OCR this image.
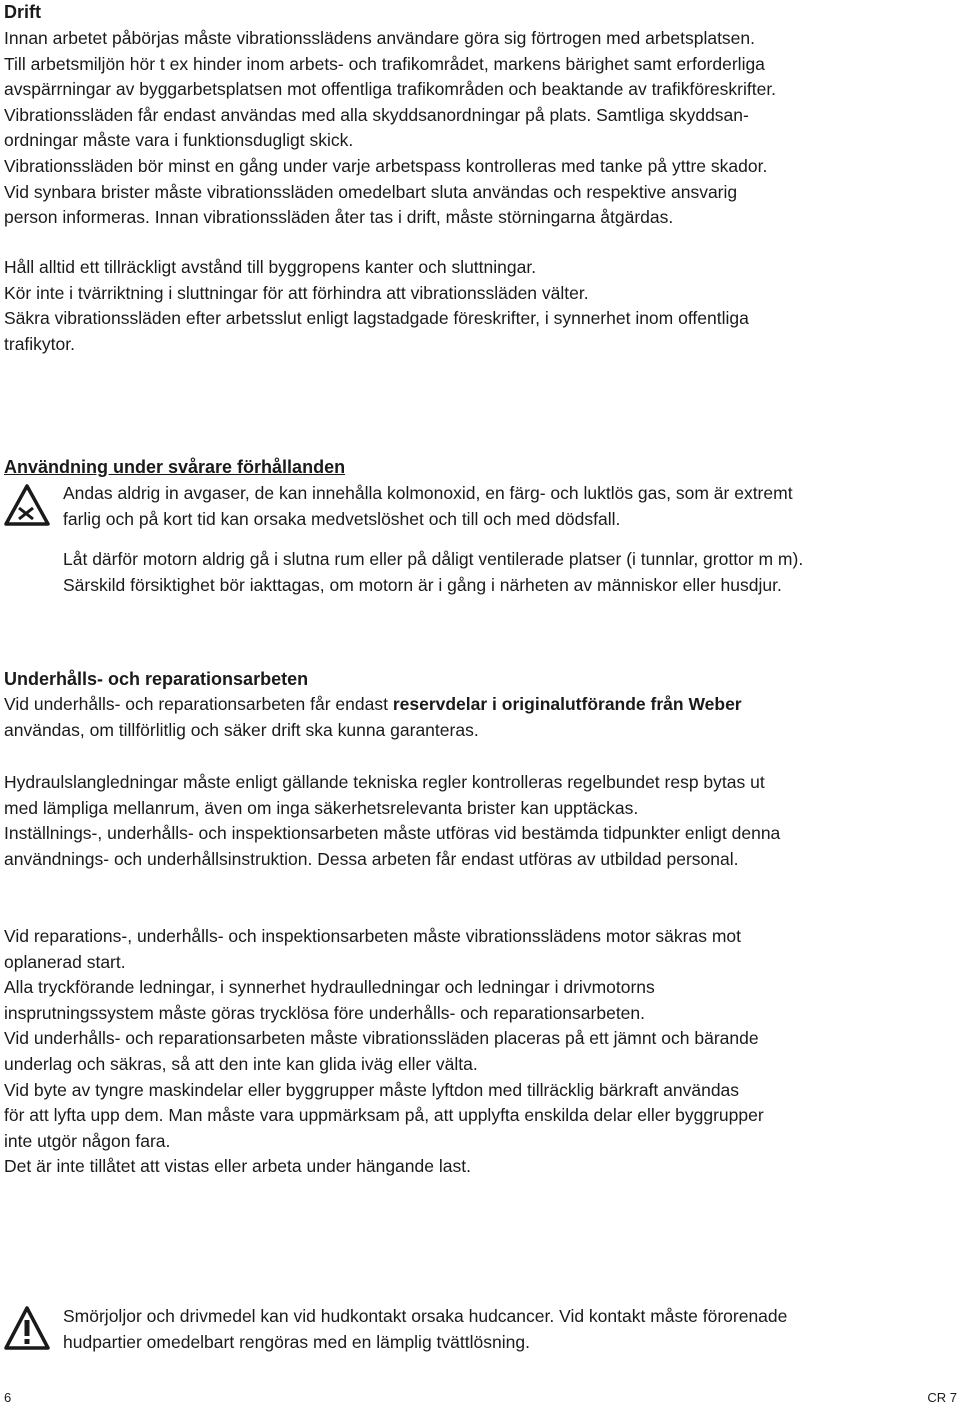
Drift

Innan arbetet påbörjas måste vibrationsslädens användare göra sig förtrogen med arbetsplatsen.
Till arbetsmiljön hör t ex hinder inom arbets- och trafikområdet, markens bärighet samt erforderliga
avspärrningar av byggarbetsplatsen mot offentliga trafikområden och beaktande av trafikföreskrifter.
Vibrationssläden får endast användas med alla skyddsanordningar på plats. Samtliga skyddsan-
ordningar måste vara i funktionsdugligt skick.
Vibrationssläden bör minst en gång under varje arbetspass kontrolleras med tanke på yttre skador.
Vid synbara brister måste vibrationssläden omedelbart sluta användas och respektive ansvarig
person informeras. Innan vibrationssläden åter tas i drift, måste störningarna åtgärdas.

Håll alltid ett tillräckligt avstånd till byggropens kanter och sluttningar.
Kör inte i tvärriktning i sluttningar för att förhindra att vibrationssläden välter.
Säkra vibrationssläden efter arbetsslut enligt lagstadgade föreskrifter, i synnerhet inom offentliga
trafikytor.

Användning under svårare förhållanden

Andas aldrig in avgaser, de kan innehålla kolmonoxid, en färg- och luktlös gas, som är extremt
farlig och på kort tid kan orsaka medvetslöshet och till och med dödsfall.

Låt därför motorn aldrig gå i slutna rum eller på dåligt ventilerade platser (i tunnlar, grottor m m).
Särskild försiktighet bör iakttagas, om motorn är i gång i närheten av människor eller husdjur.

Underhålls- och reparationsarbeten

Vid underhålls- och reparationsarbeten får endast reservdelar i originalutförande från Weber
användas, om tillförlitlig och säker drift ska kunna garanteras.

Hydraulslangledningar måste enligt gällande tekniska regler kontrolleras regelbundet resp bytas ut
med lämpliga mellanrum, även om inga säkerhetsrelevanta brister kan upptäckas.
Inställnings-, underhålls- och inspektionsarbeten måste utföras vid bestämda tidpunkter enligt denna
användnings- och underhållsinstruktion. Dessa arbeten får endast utföras av utbildad personal.

Vid reparations-, underhålls- och inspektionsarbeten måste vibrationsslädens motor säkras mot
oplanerad start.
Alla tryckförande ledningar, i synnerhet hydraulledningar och ledningar i drivmotorns
insprutningssystem måste göras trycklösa före underhålls- och reparationsarbeten.
Vid underhålls- och reparationsarbeten måste vibrationssläden placeras på ett jämnt och bärande
underlag och säkras, så att den inte kan glida iväg eller välta.
Vid byte av tyngre maskindelar eller byggrupper måste lyftdon med tillräcklig bärkraft användas
för att lyfta upp dem. Man måste vara uppmärksam på, att upplyfta enskilda delar eller byggrupper
inte utgör någon fara.
Det är inte tillåtet att vistas eller arbeta under hängande last.

Smörjoljor och drivmedel kan vid hudkontakt orsaka hudcancer. Vid kontakt måste förorenade
hudpartier omedelbart rengöras med en lämplig tvättlösning.

6	CR 7
